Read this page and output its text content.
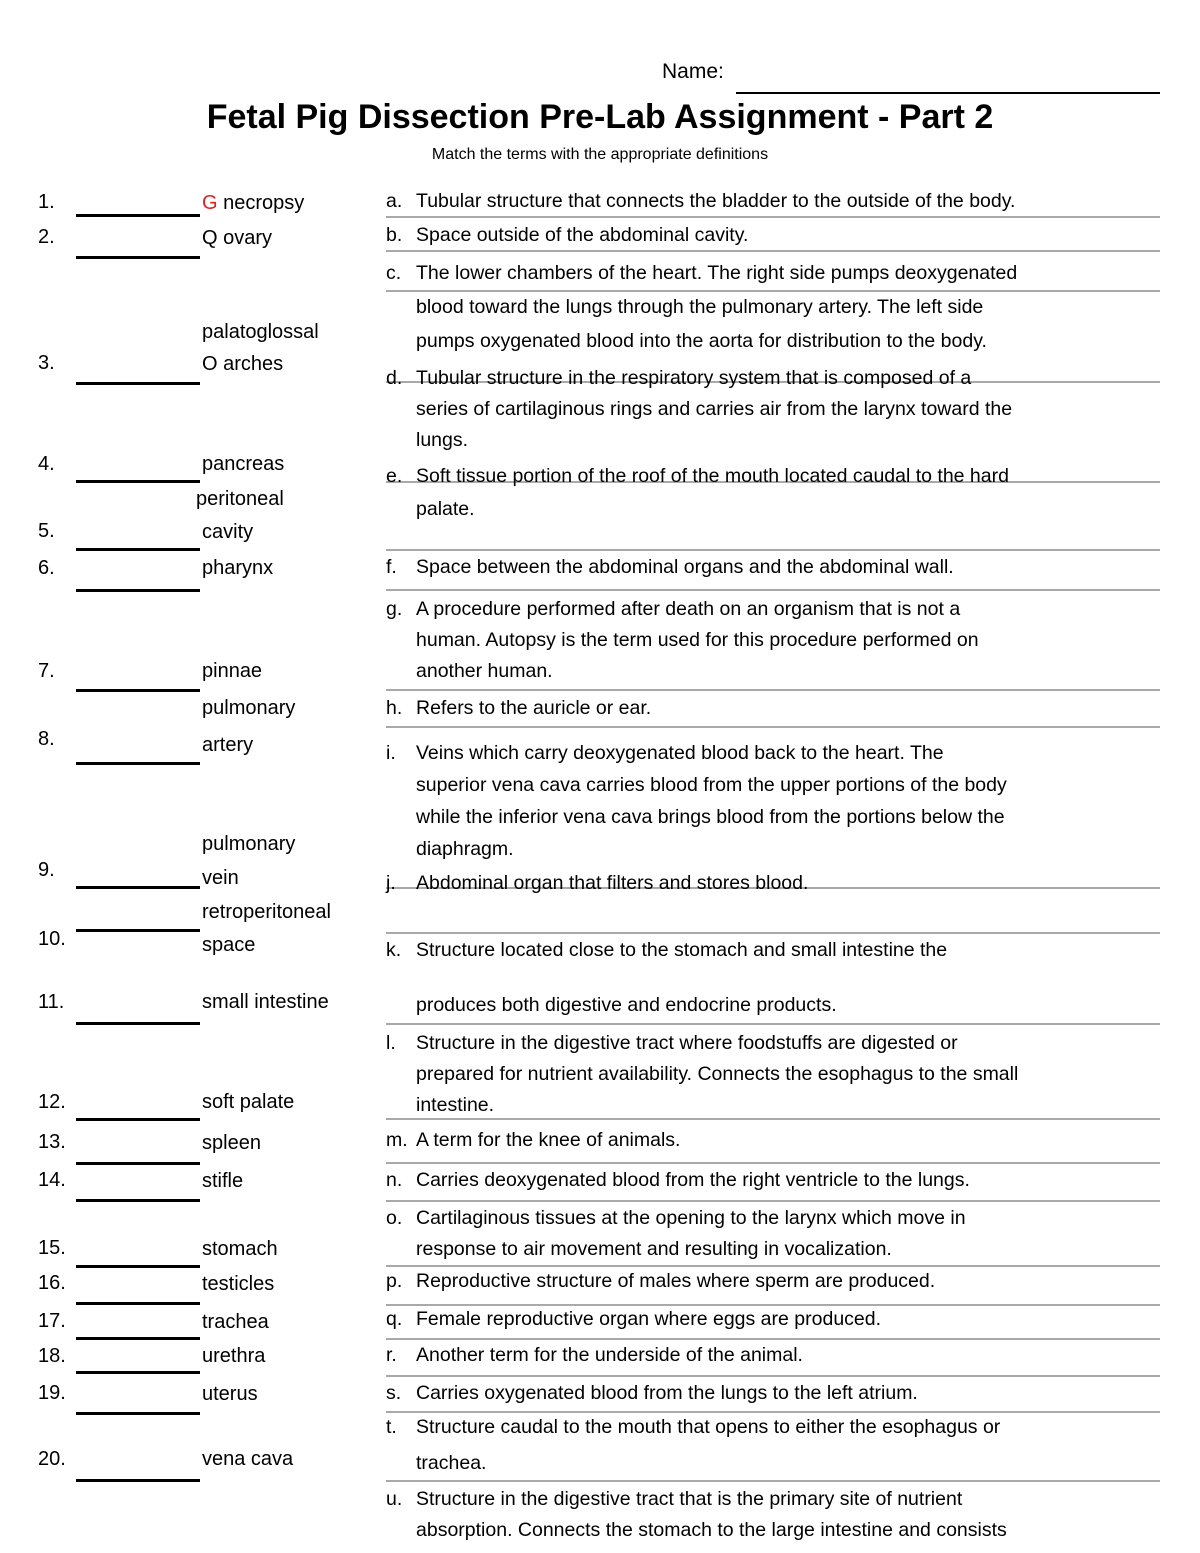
Name:
Fetal Pig Dissection Pre-Lab Assignment - Part 2
Match the terms with the appropriate definitions
1.	G necropsy
2.	Q ovary
3.
palatoglossal
O arches
4.	pancreas
5.
peritoneal
cavity
6.	pharynx
7.	pinnae
8.
pulmonary
artery
9.
pulmonary
vein
10.
retroperitoneal
space
11.	small intestine
12.	soft palate
13.	spleen
14.	stifle
15.	stomach
16.	testicles
17.	trachea
18.	urethra
19.	uterus
20.	vena cava
a. Tubular structure that connects the bladder to the outside of the body.
b. Space outside of the abdominal cavity.
c. The lower chambers of the heart. The right side pumps deoxygenated
blood toward the lungs through the pulmonary artery. The left side
pumps oxygenated blood into the aorta for distribution to the body.
d. Tubular structure in the respiratory system that is composed of a
series of cartilaginous rings and carries air from the larynx toward the
lungs.
e. Soft tissue portion of the roof of the mouth located caudal to the hard
palate.
f. Space between the abdominal organs and the abdominal wall.
g. A procedure performed after death on an organism that is not a
human. Autopsy is the term used for this procedure performed on
another human.
h. Refers to the auricle or ear.
i. Veins which carry deoxygenated blood back to the heart. The
superior vena cava carries blood from the upper portions of the body
while the inferior vena cava brings blood from the portions below the
diaphragm.
j. Abdominal organ that filters and stores blood.
k. Structure located close to the stomach and small intestine the
produces both digestive and endocrine products.
l. Structure in the digestive tract where foodstuffs are digested or
prepared for nutrient availability. Connects the esophagus to the small
intestine.
m. A term for the knee of animals.
n. Carries deoxygenated blood from the right ventricle to the lungs.
o. Cartilaginous tissues at the opening to the larynx which move in
response to air movement and resulting in vocalization.
p. Reproductive structure of males where sperm are produced.
q. Female reproductive organ where eggs are produced.
r. Another term for the underside of the animal.
s. Carries oxygenated blood from the lungs to the left atrium.
t. Structure caudal to the mouth that opens to either the esophagus or
trachea.
u. Structure in the digestive tract that is the primary site of nutrient
absorption. Connects the stomach to the large intestine and consists
